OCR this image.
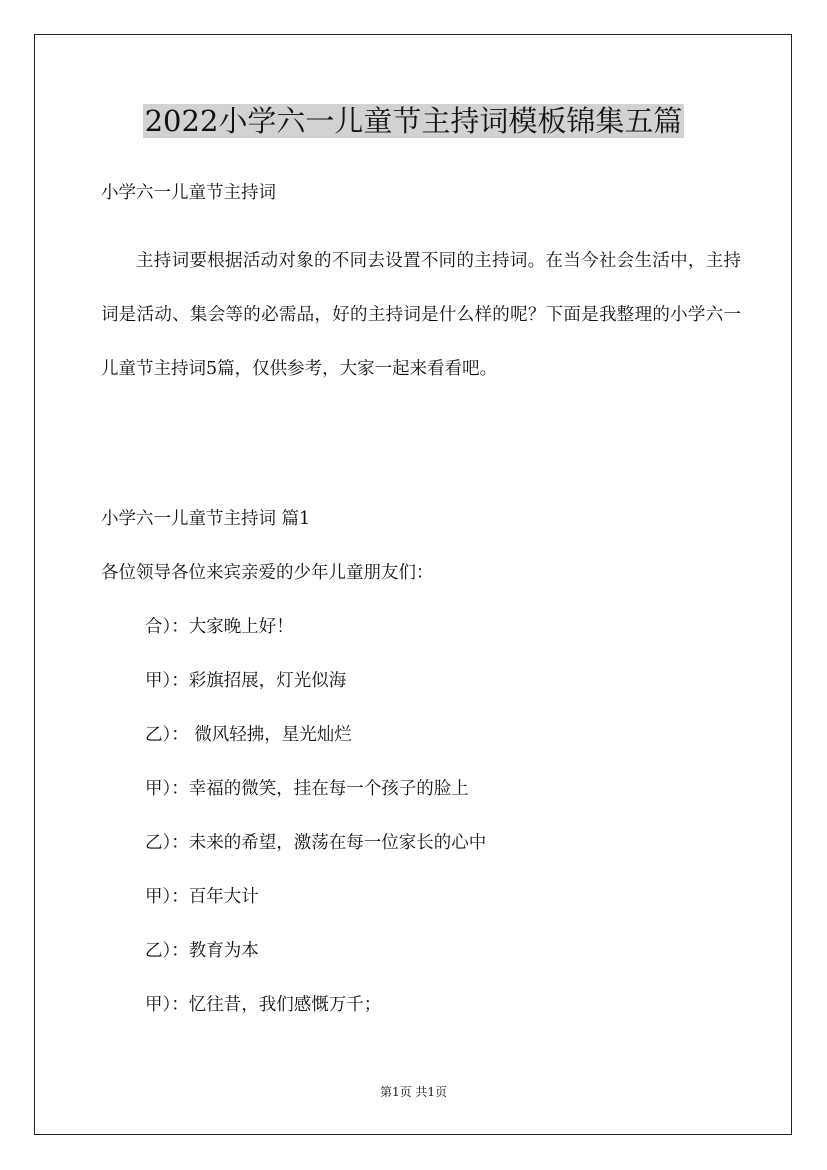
2022小学六一儿童节主持词模板锦集五篇
小学六一儿童节主持词
主持词要根据活动对象的不同去设置不同的主持词。在当今社会生活中，主持词是活动、集会等的必需品，好的主持词是什么样的呢？下面是我整理的小学六一儿童节主持词5篇，仅供参考，大家一起来看看吧。
小学六一儿童节主持词 篇1
各位领导各位来宾亲爱的少年儿童朋友们：
合）：大家晚上好！
甲）：彩旗招展，灯光似海
乙）： 微风轻拂，星光灿烂
甲）：幸福的微笑，挂在每一个孩子的脸上
乙）：未来的希望，激荡在每一位家长的心中
甲）：百年大计
乙）：教育为本
甲）：忆往昔，我们感慨万千；
第1页 共1页
